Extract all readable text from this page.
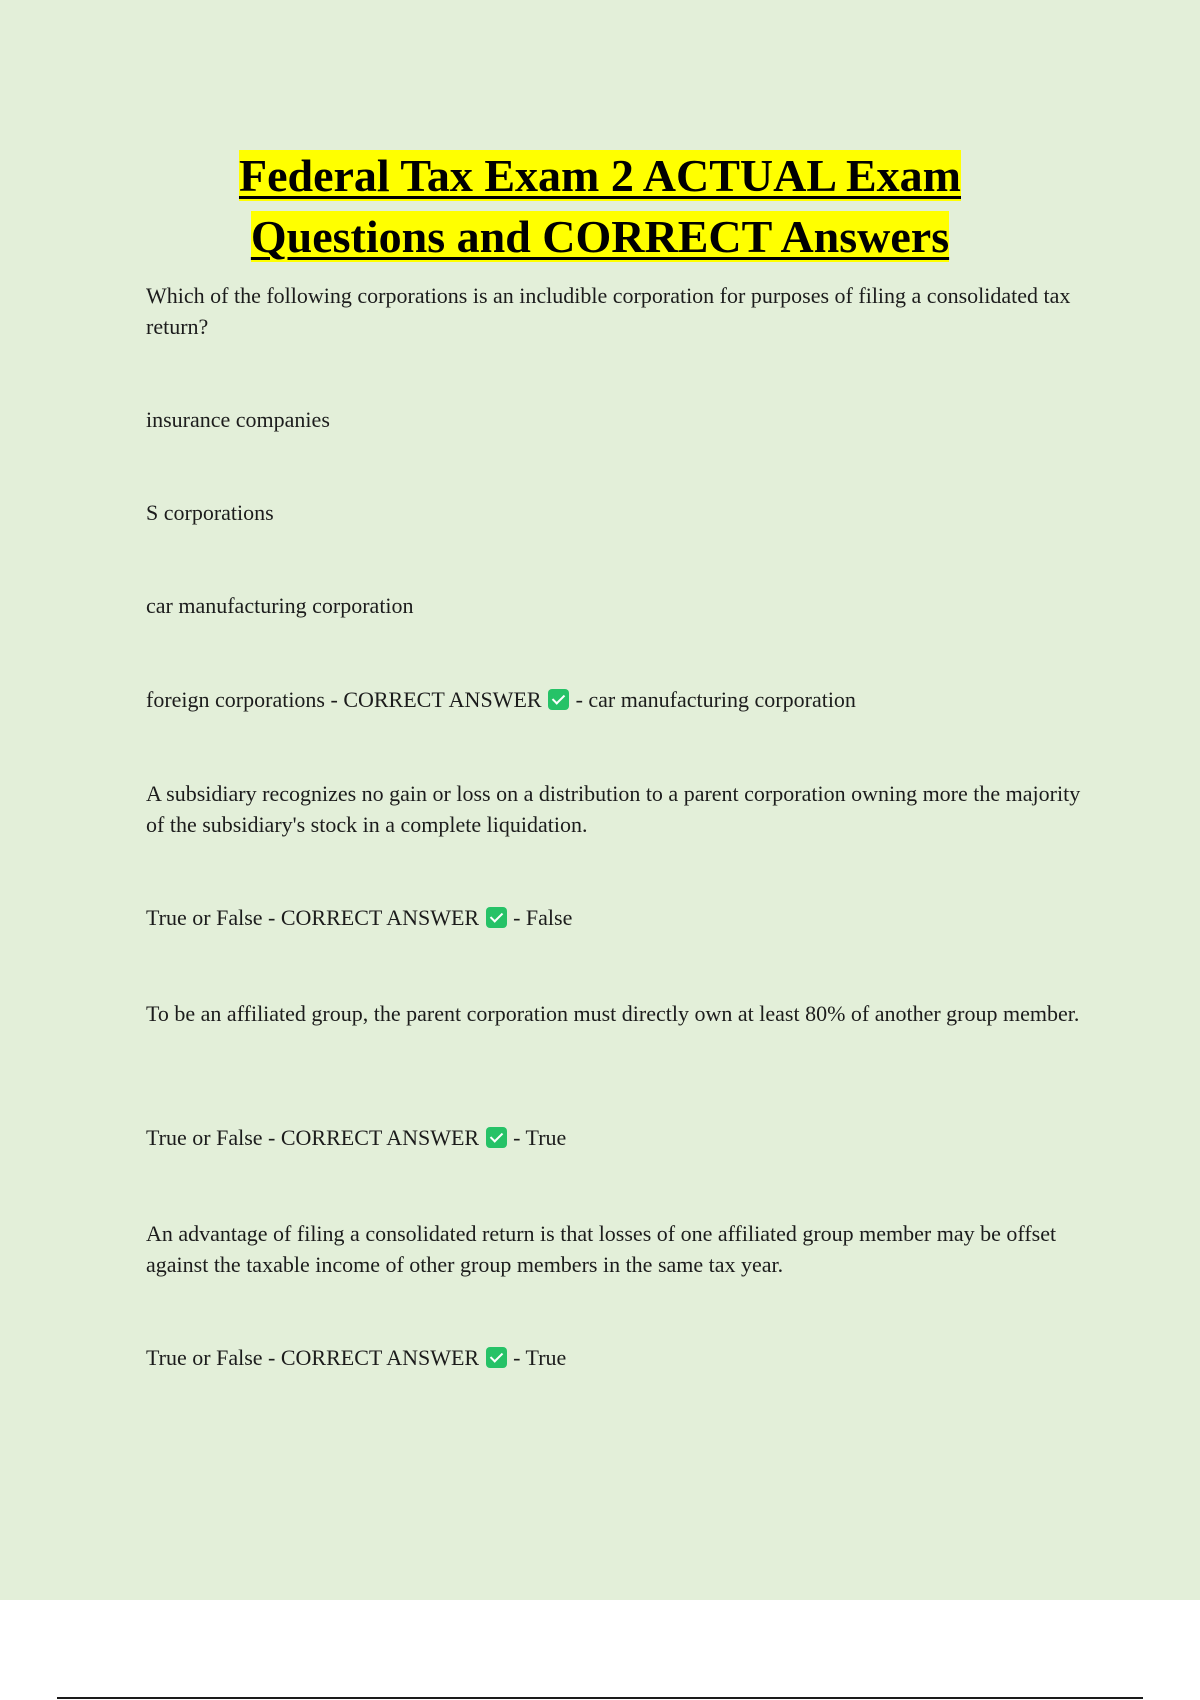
Federal Tax Exam 2 ACTUAL Exam
Questions and CORRECT Answers

Which of the following corporations is an includible corporation for purposes of filing a consolidated tax return?

insurance companies

S corporations

car manufacturing corporation

foreign corporations - CORRECT ANSWER  - car manufacturing corporation

A subsidiary recognizes no gain or loss on a distribution to a parent corporation owning more the majority of the subsidiary's stock in a complete liquidation.

True or False - CORRECT ANSWER  - False

To be an affiliated group, the parent corporation must directly own at least 80% of another group member.

True or False - CORRECT ANSWER  - True

An advantage of filing a consolidated return is that losses of one affiliated group member may be offset against the taxable income of other group members in the same tax year.

True or False - CORRECT ANSWER  - True
